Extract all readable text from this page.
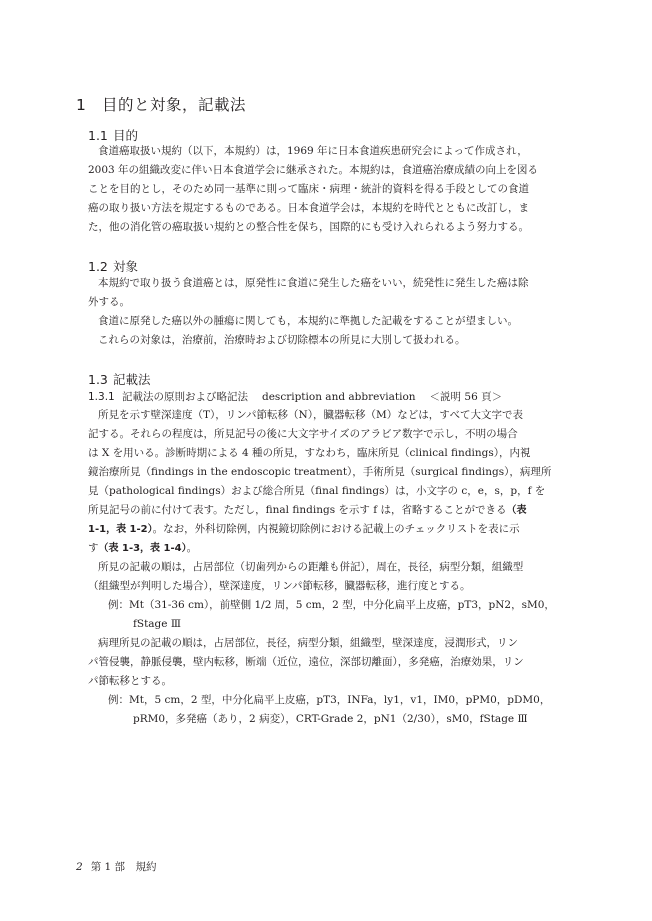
1 目的と対象，記載法
1.1 目的
食道癌取扱い規約（以下，本規約）は，1969 年に日本食道疾患研究会によって作成され，
2003 年の組織改変に伴い日本食道学会に継承された。本規約は，食道癌治療成績の向上を図る
ことを目的とし，そのため同一基準に則って臨床・病理・統計的資料を得る手段としての食道
癌の取り扱い方法を規定するものである。日本食道学会は，本規約を時代とともに改訂し，ま
た，他の消化管の癌取扱い規約との整合性を保ち，国際的にも受け入れられるよう努力する。
1.2 対象
本規約で取り扱う食道癌とは，原発性に食道に発生した癌をいい，続発性に発生した癌は除
外する。
食道に原発した癌以外の腫瘍に関しても，本規約に準拠した記載をすることが望ましい。
これらの対象は，治療前，治療時および切除標本の所見に大別して扱われる。
1.3 記載法
1.3.1 記載法の原則および略記法 description and abbreviation ＜説明 56 頁＞
所見を示す壁深達度（T），リンパ節転移（N），臓器転移（M）などは，すべて大文字で表
記する。それらの程度は，所見記号の後に大文字サイズのアラビア数字で示し，不明の場合
は X を用いる。診断時期による 4 種の所見，すなわち，臨床所見（clinical findings），内視
鏡治療所見（findings in the endoscopic treatment），手術所見（surgical findings），病理所
見（pathological findings）および総合所見（final findings）は，小文字の c，e，s，p，f を
所見記号の前に付けて表す。ただし，final findings を示す f は，省略することができる（表
1-1，表 1-2）。なお，外科切除例，内視鏡切除例における記載上のチェックリストを表に示
す（表 1-3，表 1-4）。
所見の記載の順は，占居部位（切歯列からの距離も併記），周在，長径，病型分類，組織型
（組織型が判明した場合），壁深達度，リンパ節転移，臓器転移，進行度とする。
例：Mt（31-36 cm），前壁側 1/2 周，5 cm，2 型，中分化扁平上皮癌，pT3，pN2，sM0，
fStage Ⅲ
病理所見の記載の順は，占居部位，長径，病型分類，組織型，壁深達度，浸潤形式，リン
パ管侵襲，静脈侵襲，壁内転移，断端（近位，遠位，深部切離面），多発癌，治療効果，リン
パ節転移とする。
例：Mt，5 cm，2 型，中分化扁平上皮癌，pT3，INFa，ly1，v1，IM0，pPM0，pDM0，
pRM0，多発癌（あり，2 病変），CRT-Grade 2，pN1（2/30），sM0，fStage Ⅲ
2 第 1 部　規約
